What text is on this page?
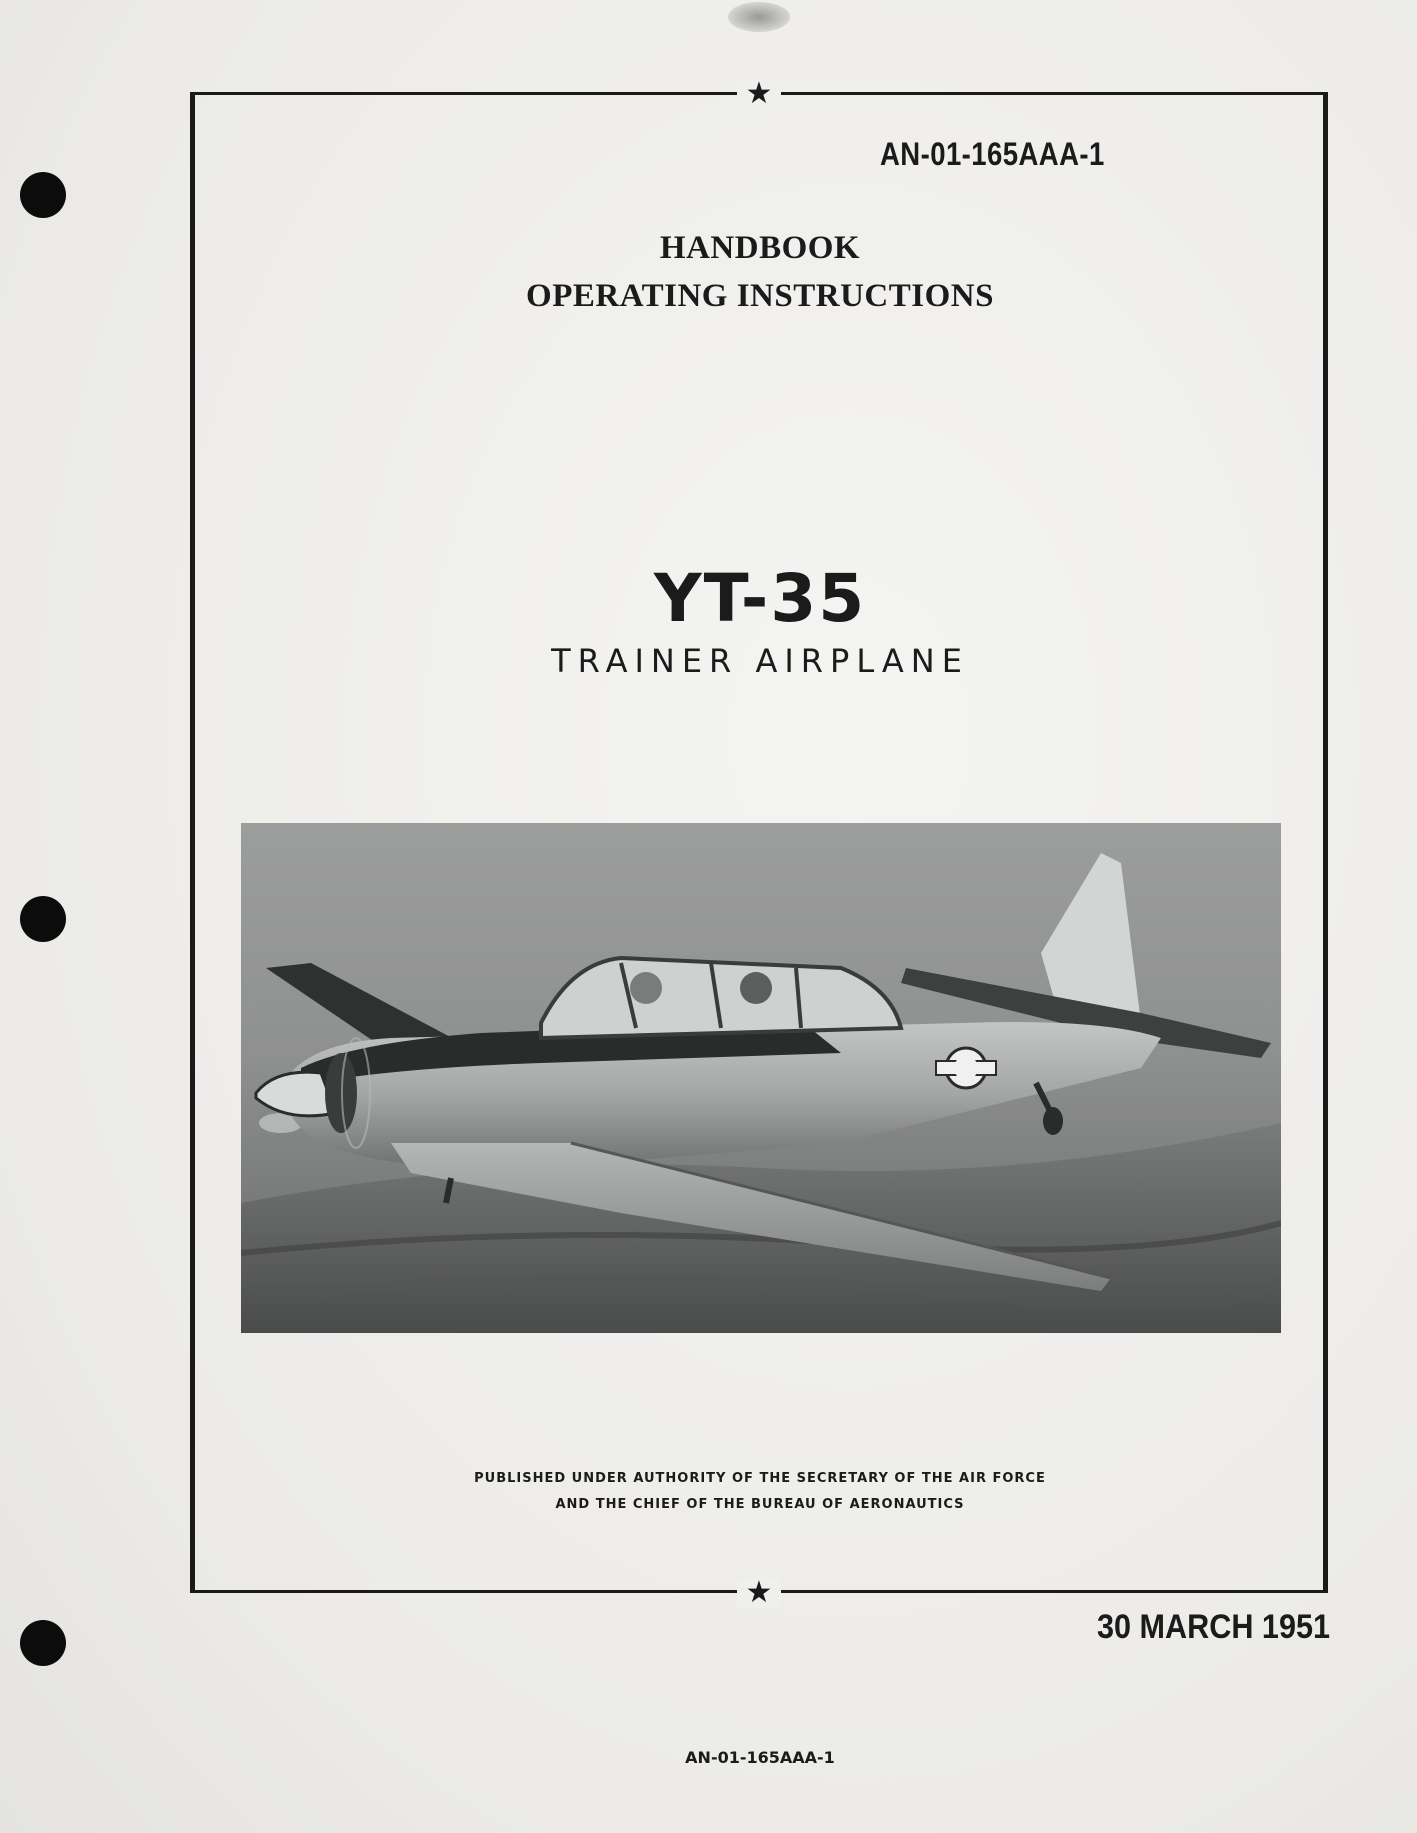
★
★
AN-01-165AAA-1
HANDBOOK
OPERATING INSTRUCTIONS
YT-35
TRAINER AIRPLANE
PUBLISHED UNDER AUTHORITY OF THE SECRETARY OF THE AIR FORCE
AND THE CHIEF OF THE BUREAU OF AERONAUTICS
30 MARCH 1951
AN-01-165AAA-1
